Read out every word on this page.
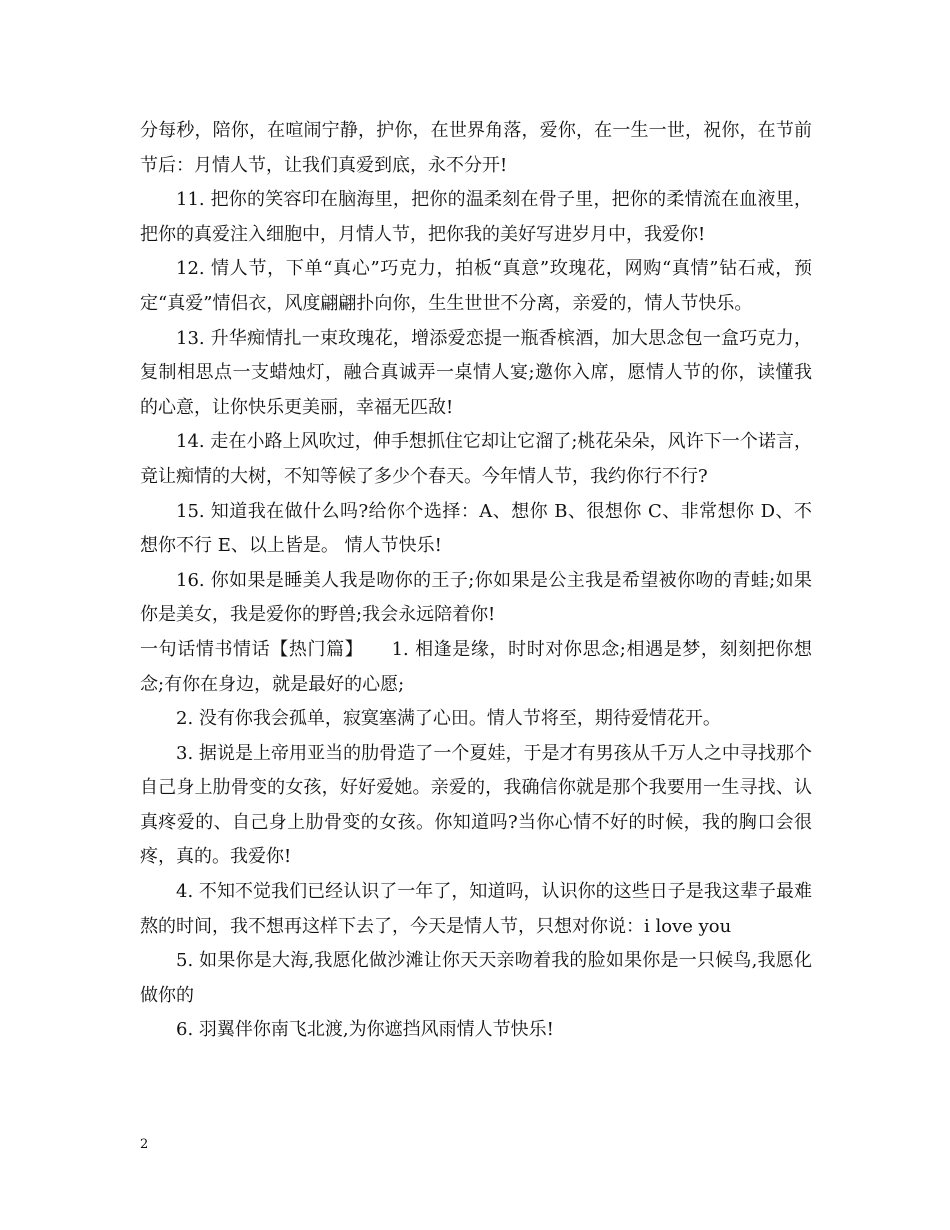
分每秒，陪你，在喧闹宁静，护你，在世界角落，爱你，在一生一世，祝你，在节前节后：月情人节，让我们真爱到底，永不分开!

11. 把你的笑容印在脑海里，把你的温柔刻在骨子里，把你的柔情流在血液里，把你的真爱注入细胞中，月情人节，把你我的美好写进岁月中，我爱你!

12. 情人节，下单“真心”巧克力，拍板“真意”玫瑰花，网购“真情”钻石戒，预定“真爱”情侣衣，风度翩翩扑向你，生生世世不分离，亲爱的，情人节快乐。

13. 升华痴情扎一束玫瑰花，增添爱恋提一瓶香槟酒，加大思念包一盒巧克力，复制相思点一支蜡烛灯，融合真诚弄一桌情人宴;邀你入席，愿情人节的你，读懂我的心意，让你快乐更美丽，幸福无匹敌!

14. 走在小路上风吹过，伸手想抓住它却让它溜了;桃花朵朵，风许下一个诺言，竟让痴情的大树，不知等候了多少个春天。今年情人节，我约你行不行?

15. 知道我在做什么吗?给你个选择：A、想你 B、很想你 C、非常想你 D、不想你不行 E、以上皆是。 情人节快乐!

16. 你如果是睡美人我是吻你的王子;你如果是公主我是希望被你吻的青蛙;如果你是美女，我是爱你的野兽;我会永远陪着你!

一句话情书情话【热门篇】　　1. 相逢是缘，时时对你思念;相遇是梦，刻刻把你想念;有你在身边，就是最好的心愿;

2. 没有你我会孤单，寂寞塞满了心田。情人节将至，期待爱情花开。

3. 据说是上帝用亚当的肋骨造了一个夏娃，于是才有男孩从千万人之中寻找那个自己身上肋骨变的女孩，好好爱她。亲爱的，我确信你就是那个我要用一生寻找、认真疼爱的、自己身上肋骨变的女孩。你知道吗?当你心情不好的时候，我的胸口会很疼，真的。我爱你!

4. 不知不觉我们已经认识了一年了，知道吗，认识你的这些日子是我这辈子最难熬的时间，我不想再这样下去了，今天是情人节，只想对你说：i love you

5. 如果你是大海,我愿化做沙滩让你天天亲吻着我的脸如果你是一只候鸟,我愿化做你的

6. 羽翼伴你南飞北渡,为你遮挡风雨情人节快乐!

2
